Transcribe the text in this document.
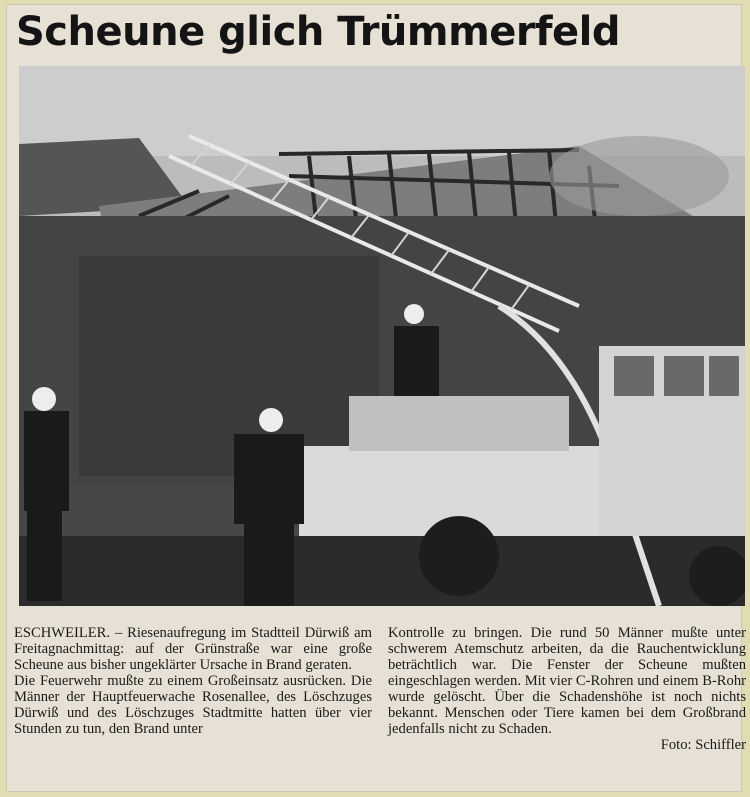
Scheune glich Trümmerfeld

ESCHWEILER. – Riesenaufregung im Stadtteil Dürwiß am Freitagnachmittag: auf der Grünstraße war eine große Scheune aus bisher ungeklärter Ursache in Brand geraten.

Die Feuerwehr mußte zu einem Großeinsatz ausrücken. Die Männer der Hauptfeuerwache Rosenallee, des Löschzuges Dürwiß und des Löschzuges Stadtmitte hatten über vier Stunden zu tun, den Brand unter

Kontrolle zu bringen. Die rund 50 Männer mußte unter schwerem Atemschutz arbeiten, da die Rauchentwicklung beträchtlich war. Die Fenster der Scheune mußten eingeschlagen werden. Mit vier C-Rohren und einem B-Rohr wurde gelöscht. Über die Schadenshöhe ist noch nichts bekannt. Menschen oder Tiere kamen bei dem Großbrand jedenfalls nicht zu Schaden.

Foto: Schiffler
